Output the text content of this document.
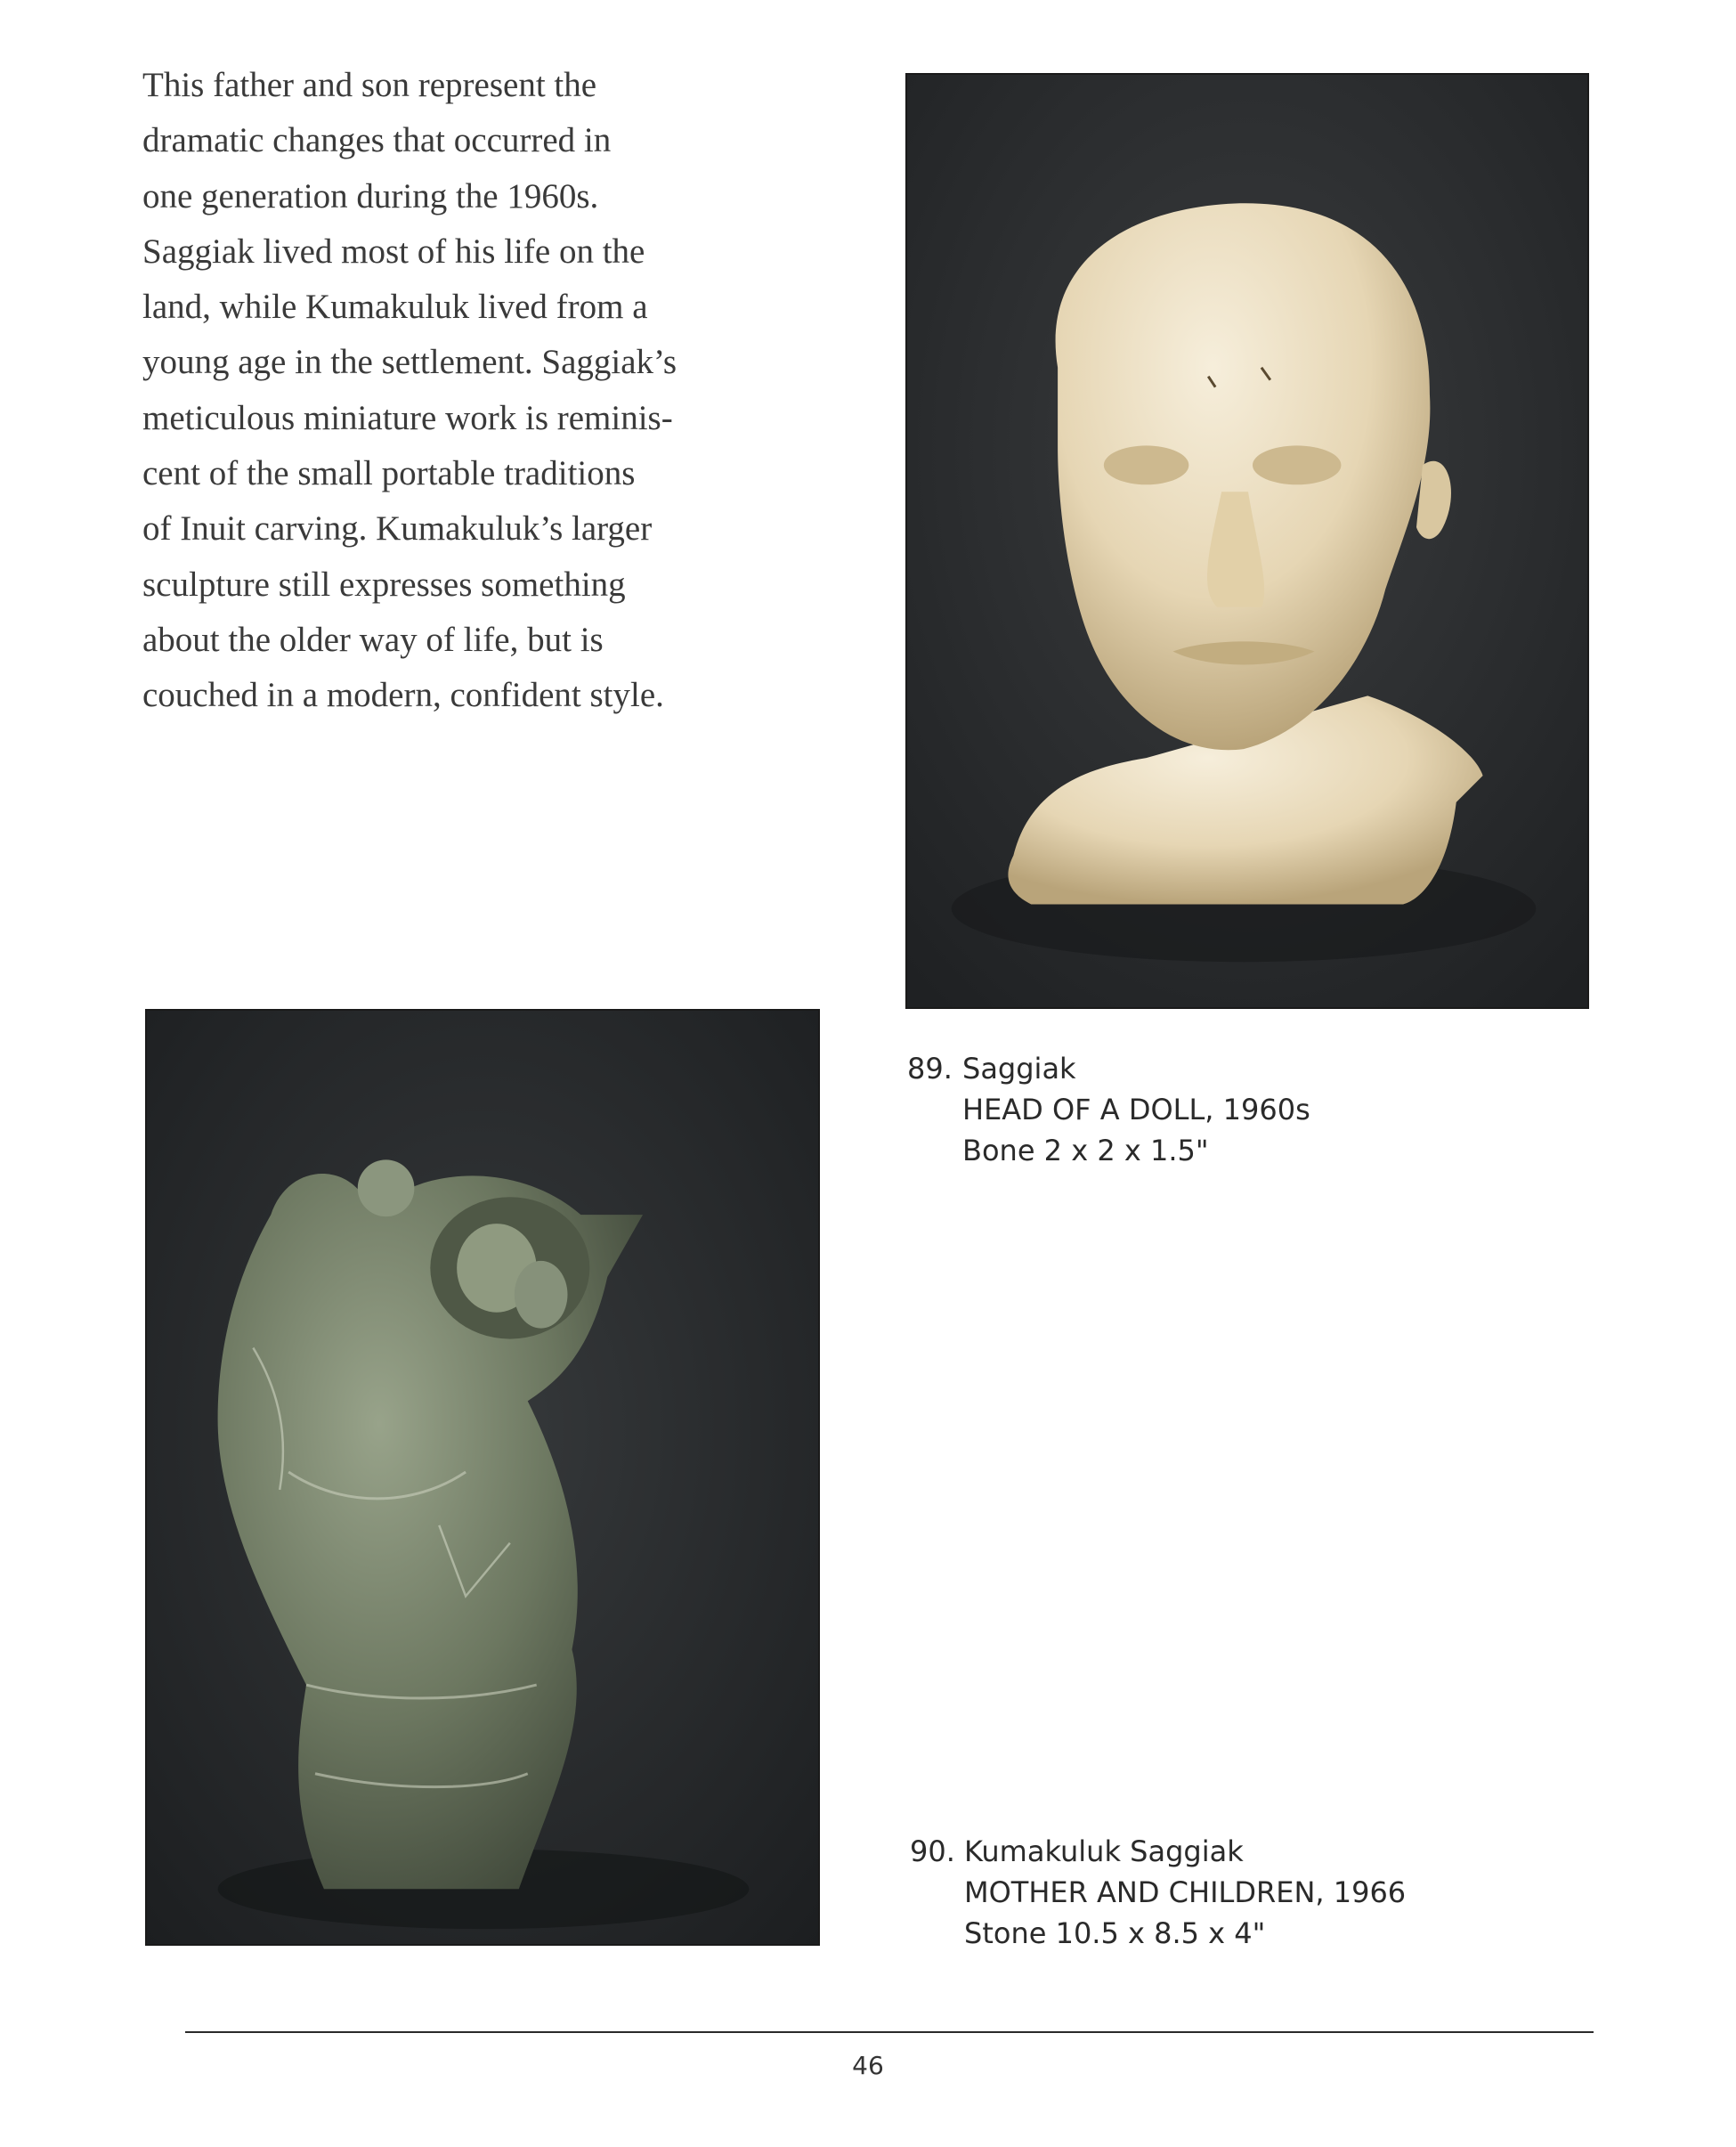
This father and son represent the
dramatic changes that occurred in
one generation during the 1960s.
Saggiak lived most of his life on the
land, while Kumakuluk lived from a
young age in the settlement. Saggiak’s
meticulous miniature work is reminis-
cent of the small portable traditions
of Inuit carving. Kumakuluk’s larger
sculpture still expresses something
about the older way of life, but is
couched in a modern, confident style.
89. Saggiak
HEAD OF A DOLL, 1960s
Bone 2 x 2 x 1.5"
90. Kumakuluk Saggiak
MOTHER AND CHILDREN, 1966
Stone 10.5 x 8.5 x 4"
46
